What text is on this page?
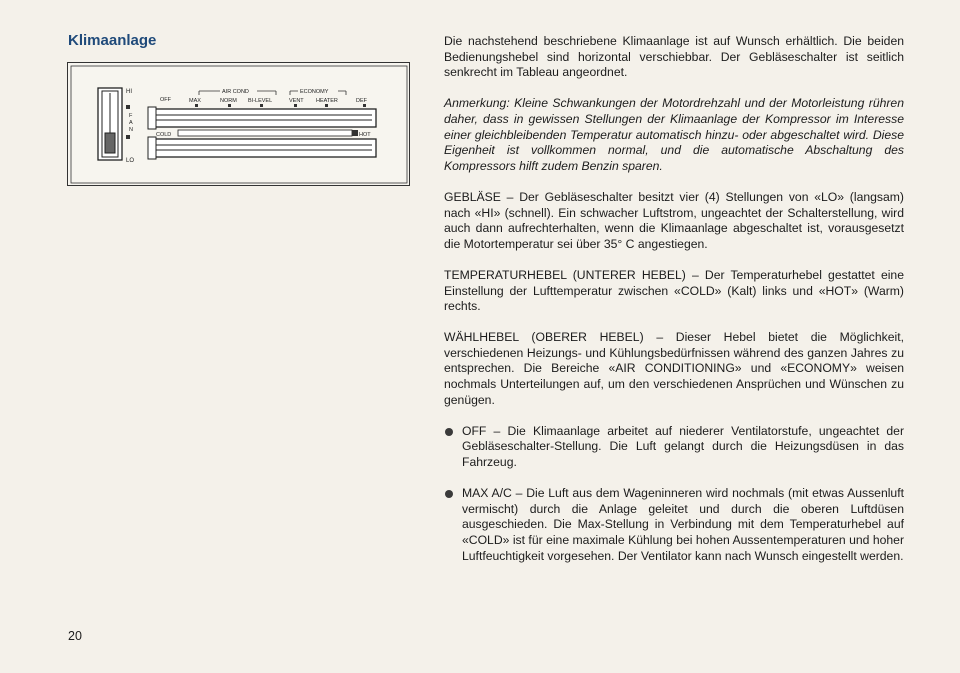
Klimaanlage
HI
LO
F
A
N
OFF
AIR COND	ECONOMY
MAX	NORM BI-LEVEL	VENT HEATER	DEF
COLD	HOT

Die nachstehend beschriebene Klimaanlage ist auf Wunsch erhältlich. Die beiden Bedienungshebel sind horizontal verschiebbar. Der Gebläseschalter ist seitlich senkrecht im Tableau angeordnet.

Anmerkung: Kleine Schwankungen der Motordrehzahl und der Motorleistung rühren daher, dass in gewissen Stellungen der Klimaanlage der Kompressor im Interesse einer gleichbleibenden Temperatur automatisch hinzu- oder abgeschaltet wird. Diese Eigenheit ist vollkommen normal, und die automatische Abschaltung des Kompressors hilft zudem Benzin sparen.

GEBLÄSE – Der Gebläseschalter besitzt vier (4) Stellungen von «LO» (langsam) nach «HI» (schnell). Ein schwacher Luftstrom, ungeachtet der Schalterstellung, wird auch dann aufrechterhalten, wenn die Klimaanlage abgeschaltet ist, vorausgesetzt die Motortemperatur sei über 35° C angestiegen.

TEMPERATURHEBEL (UNTERER HEBEL) – Der Temperaturhebel gestattet eine Einstellung der Lufttemperatur zwischen «COLD» (Kalt) links und «HOT» (Warm) rechts.

WÄHLHEBEL (OBERER HEBEL) – Dieser Hebel bietet die Möglichkeit, verschiedenen Heizungs- und Kühlungsbedürfnissen während des ganzen Jahres zu entsprechen. Die Bereiche «AIR CONDITIONING» und «ECONOMY» weisen nochmals Unterteilungen auf, um den verschiedenen Ansprüchen und Wünschen zu genügen.

OFF – Die Klimaanlage arbeitet auf niederer Ventilatorstufe, ungeachtet der Gebläseschalter-Stellung. Die Luft gelangt durch die Heizungsdüsen in das Fahrzeug.
MAX A/C – Die Luft aus dem Wageninneren wird nochmals (mit etwas Aussenluft vermischt) durch die Anlage geleitet und durch die oberen Luftdüsen ausgeschieden. Die Max-Stellung in Verbindung mit dem Temperaturhebel auf «COLD» ist für eine maximale Kühlung bei hohen Aussentemperaturen und hoher Luftfeuchtigkeit vorgesehen. Der Ventilator kann nach Wunsch eingestellt werden.
20
